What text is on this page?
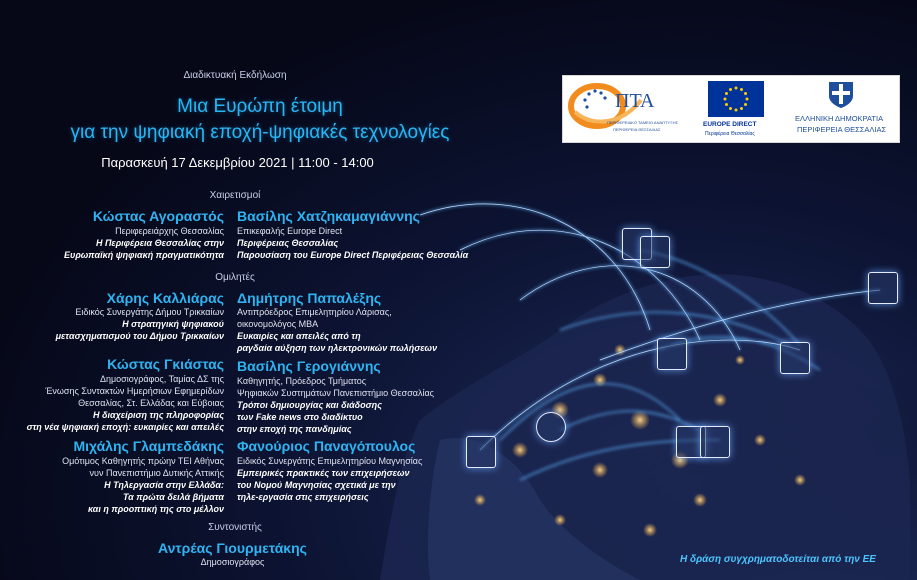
Διαδικτυακή Εκδήλωση
Μια Ευρώπη έτοιμη
για την ψηφιακή εποχή-ψηφιακές τεχνολογίες
Παρασκευή 17 Δεκεμβρίου 2021 | 11:00 - 14:00
Χαιρετισμοί
Κώστας Αγοραστός
Περιφερειάρχης Θεσσαλίας
Η Περιφέρεια Θεσσαλίας στην
Ευρωπαϊκή ψηφιακή πραγματικότητα
Βασίλης Χατζηκαμαγιάννης
Επικεφαλής Europe Direct
Περιφέρειας Θεσσαλίας
Παρουσίαση του Europe Direct Περιφέρειας Θεσσαλία
Ομιλητές
Χάρης Καλλιάρας
Ειδικός Συνεργάτης Δήμου Τρικκαίων
Η στρατηγική ψηφιακού
μετασχηματισμού του Δήμου Τρικκαίων
Κώστας Γκιάστας
Δημοσιογράφος, Ταμίας ΔΣ της
Ένωσης Συντακτών Ημερήσιων Εφημερίδων
Θεσσαλίας, Στ. Ελλάδας και Εύβοιας
Η διαχείριση της πληροφορίας
στη νέα ψηφιακή εποχή: ευκαιρίες και απειλές
Μιχάλης Γλαμπεδάκης
Ομότιμος Καθηγητής πρώην ΤΕΙ Αθήνας
νυν Πανεπιστήμιο Δυτικής Αττικής
Η Τηλεργασία στην Ελλάδα:
Τα πρώτα δειλά βήματα
και η προοπτική της στο μέλλον
Δημήτρης Παπαλέξης
Αντιπρόεδρος Επιμελητηρίου Λάρισας,
οικονομολόγος MBA
Ευκαιρίες και απειλές από τη
ραγδαία αύξηση των ηλεκτρονικών πωλήσεων
Βασίλης Γερογιάννης
Καθηγητής, Πρόεδρος Τμήματος
Ψηφιακών Συστημάτων Πανεπιστήμιο Θεσσαλίας
Τρόποι δημιουργίας και διάδοσης
των Fake news στο διαδίκτυο
στην εποχή της πανδημίας
Φανούριος Παναγόπουλος
Ειδικός Συνεργάτης Επιμελητηρίου Μαγνησίας
Εμπειρικές πρακτικές των επιχειρήσεων
του Νομού Μαγνησίας σχετικά με την
τηλε-εργασία στις επιχειρήσεις
Συντονιστής
Αντρέας Γιουρμετάκης
Δημοσιογράφος
ΠΤΑ
ΠΕΡΙΦΕΡΕΙΑΚΟ ΤΑΜΕΙΟ ΑΝΑΠΤΥΞΗΣ
ΠΕΡΙΦΕΡΕΙΑ ΘΕΣΣΑΛΙΑΣ
EUROPE DIRECT
Περιφέρεια Θεσσαλίας
ΕΛΛΗΝΙΚΗ ΔΗΜΟΚΡΑΤΙΑ
ΠΕΡΙΦΕΡΕΙΑ ΘΕΣΣΑΛΙΑΣ
Η δράση συγχρηματοδοτείται από την ΕΕ
